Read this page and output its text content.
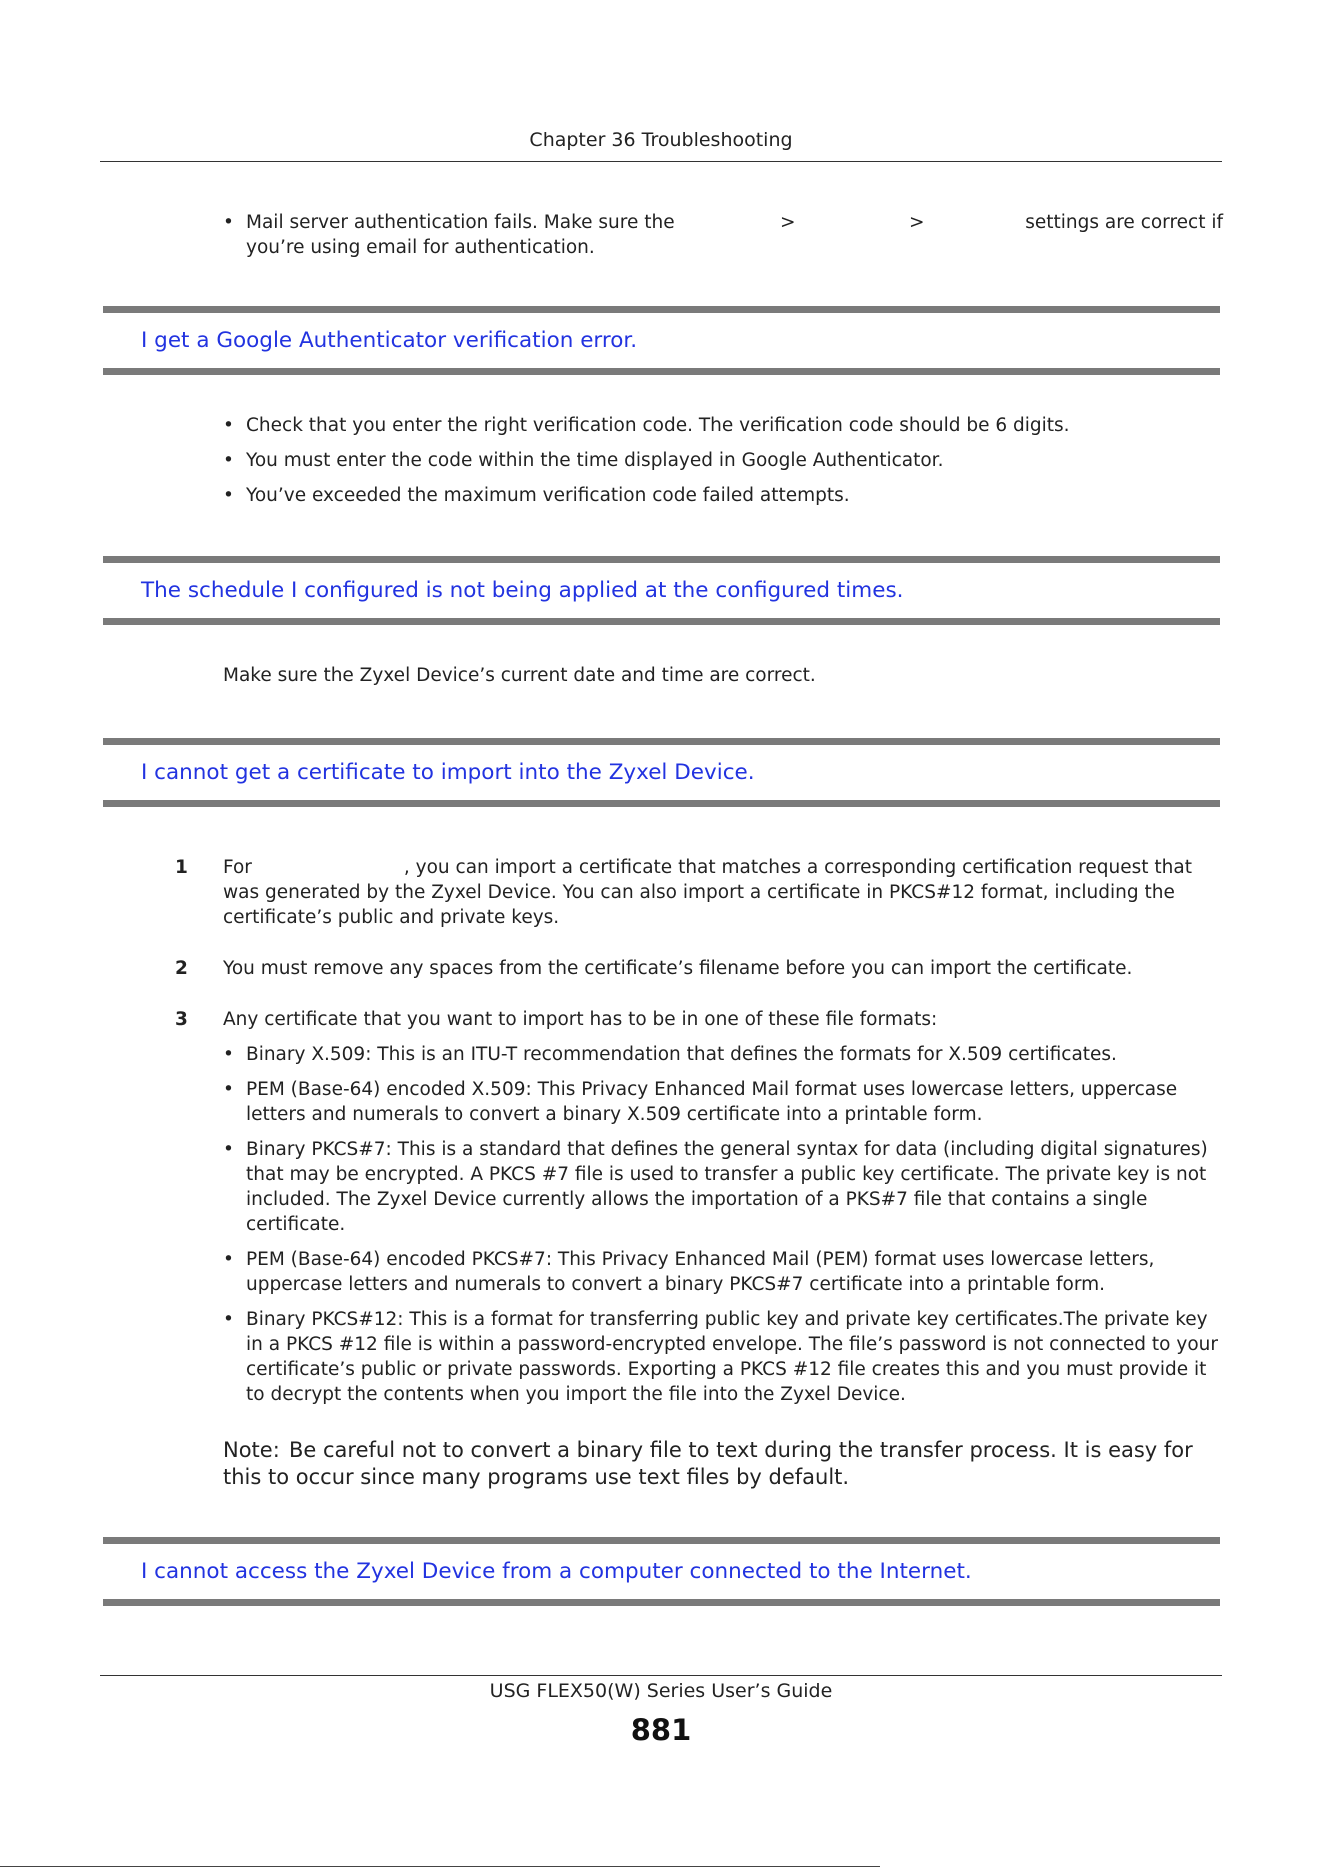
Chapter 36 Troubleshooting
• Mail server authentication fails. Make sure the	>	>	settings are correct if
you’re using email for authentication.
I get a Google Authenticator verification error.
• Check that you enter the right verification code. The verification code should be 6 digits.
• You must enter the code within the time displayed in Google Authenticator.
• You’ve exceeded the maximum verification code failed attempts.
The schedule I configured is not being applied at the configured times.
Make sure the Zyxel Device’s current date and time are correct.
I cannot get a certificate to import into the Zyxel Device.
1 For	, you can import a certificate that matches a corresponding certification request that was generated by the Zyxel Device. You can also import a certificate in PKCS#12 format, including the certificate’s public and private keys.
2 You must remove any spaces from the certificate’s filename before you can import the certificate.
3 Any certificate that you want to import has to be in one of these file formats:
• Binary X.509: This is an ITU-T recommendation that defines the formats for X.509 certificates.
• PEM (Base-64) encoded X.509: This Privacy Enhanced Mail format uses lowercase letters, uppercase letters and numerals to convert a binary X.509 certificate into a printable form.
• Binary PKCS#7: This is a standard that defines the general syntax for data (including digital signatures) that may be encrypted. A PKCS #7 file is used to transfer a public key certificate. The private key is not included. The Zyxel Device currently allows the importation of a PKS#7 file that contains a single certificate.
• PEM (Base-64) encoded PKCS#7: This Privacy Enhanced Mail (PEM) format uses lowercase letters, uppercase letters and numerals to convert a binary PKCS#7 certificate into a printable form.
• Binary PKCS#12: This is a format for transferring public key and private key certificates.The private key in a PKCS #12 file is within a password-encrypted envelope. The file’s password is not connected to your certificate’s public or private passwords. Exporting a PKCS #12 file creates this and you must provide it to decrypt the contents when you import the file into the Zyxel Device.
Note: Be careful not to convert a binary file to text during the transfer process. It is easy for this to occur since many programs use text files by default.
I cannot access the Zyxel Device from a computer connected to the Internet.
USG FLEX50(W) Series User’s Guide
881
